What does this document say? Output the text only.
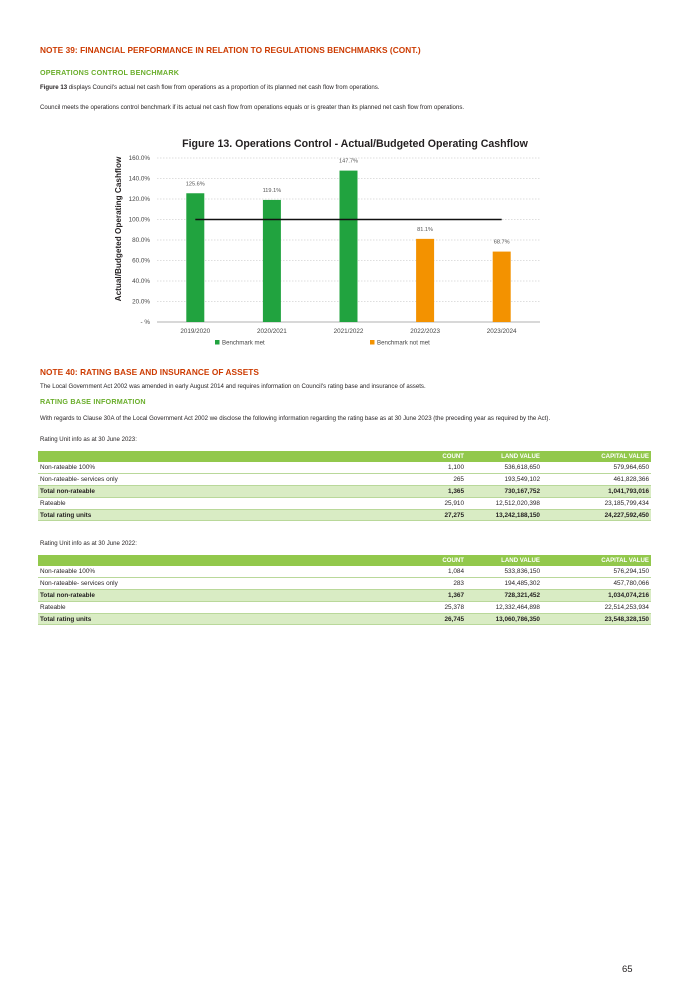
NOTE 39: FINANCIAL PERFORMANCE IN RELATION TO REGULATIONS BENCHMARKS (CONT.)
OPERATIONS CONTROL BENCHMARK
Figure 13 displays Council's actual net cash flow from operations as a proportion of its planned net cash flow from operations.
Council meets the operations control benchmark if its actual net cash flow from operations equals or is greater than its planned net cash flow from operations.
Figure 13. Operations Control - Actual/Budgeted Operating Cashflow
- %
20.0%
40.0%
60.0%
80.0%
100.0%
120.0%
140.0%
160.0%
125.6%
119.1%
147.7%
81.1%
68.7%
2019/2020	2020/2021	2021/2022	2022/2023	2023/2024
Actual/Budgeted Operating Cashflow
Benchmark met	Benchmark not met
NOTE 40: RATING BASE AND INSURANCE OF ASSETS
The Local Government Act 2002 was amended in early August 2014 and requires information on Council's rating base and insurance of assets.
RATING BASE INFORMATION
With regards to Clause 30A of the Local Government Act 2002 we disclose the following information regarding the rating base as at 30 June 2023 (the preceding year as required by the Act).
Rating Unit info as at 30 June 2023:
	COUNT	LAND VALUE	CAPITAL VALUE
Non-rateable 100%	1,100	536,618,650	579,964,650
Non-rateable- services only	265	193,549,102	461,828,366
Total non-rateable	1,365	730,167,752	1,041,793,016
Rateable	25,910	12,512,020,398	23,185,799,434
Total rating units	27,275	13,242,188,150	24,227,592,450
Rating Unit info as at 30 June 2022:
	COUNT	LAND VALUE	CAPITAL VALUE
Non-rateable 100%	1,084	533,836,150	576,294,150
Non-rateable- services only	283	194,485,302	457,780,066
Total non-rateable	1,367	728,321,452	1,034,074,216
Rateable	25,378	12,332,464,898	22,514,253,934
Total rating units	26,745	13,060,786,350	23,548,328,150
65
